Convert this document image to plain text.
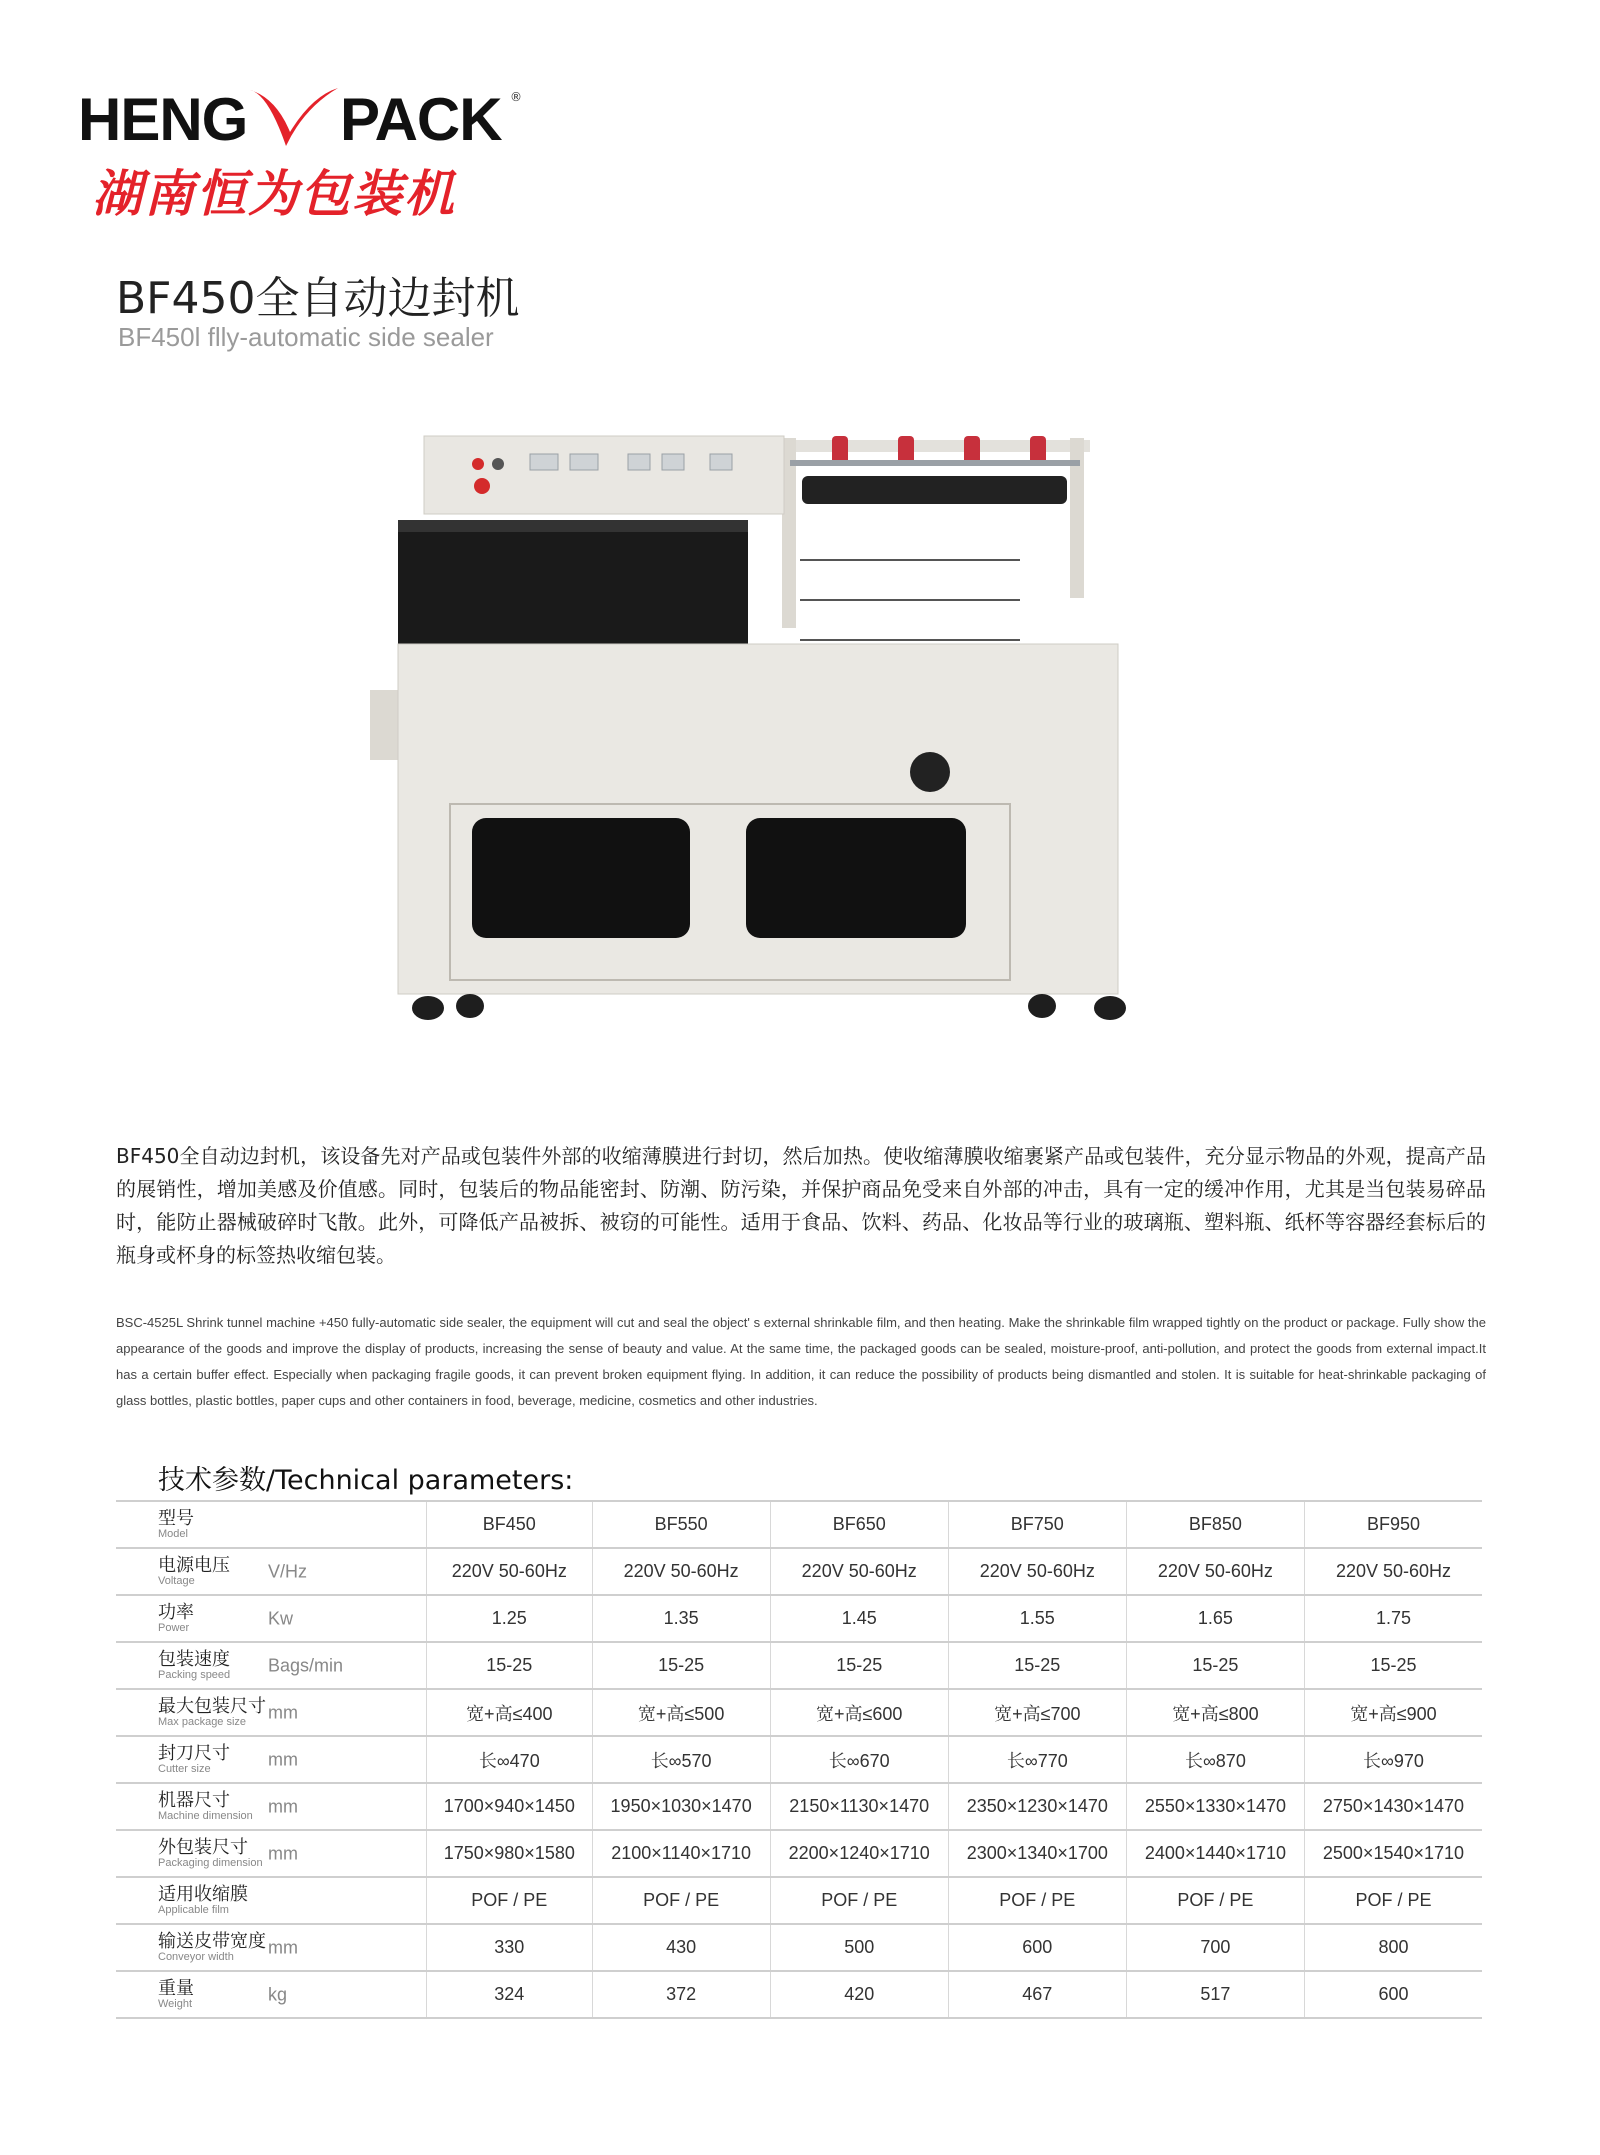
HENG PACK ®
湖南恒为包装机
BF450全自动边封机
BF450l flly-automatic side sealer
BF450全自动边封机，该设备先对产品或包装件外部的收缩薄膜进行封切，然后加热。使收缩薄膜收缩裹紧产品或包装件，充分显示物品的外观，提高产品的展销性，增加美感及价值感。同时，包装后的物品能密封、防潮、防污染，并保护商品免受来自外部的冲击，具有一定的缓冲作用，尤其是当包装易碎品时，能防止器械破碎时飞散。此外，可降低产品被拆、被窃的可能性。适用于食品、饮料、药品、化妆品等行业的玻璃瓶、塑料瓶、纸杯等容器经套标后的瓶身或杯身的标签热收缩包装。
BSC-4525L Shrink tunnel machine +450 fully-automatic side sealer, the equipment will cut and seal the object' s external shrinkable film, and then heating. Make the shrinkable film wrapped tightly on the product or package. Fully show the appearance of the goods and improve the display of products, increasing the sense of beauty and value. At the same time, the packaged goods can be sealed, moisture-proof, anti-pollution, and protect the goods from external impact.It has a certain buffer effect. Especially when packaging fragile goods, it can prevent broken equipment flying. In addition, it can reduce the possibility of products being dismantled and stolen. It is suitable for heat-shrinkable packaging of glass bottles, plastic bottles, paper cups and other containers in food, beverage, medicine, cosmetics and other industries.
技术参数/Technical parameters:
型号
Model	BF450	BF550	BF650	BF750	BF850	BF950

电源电压
Voltage V/Hz	220V 50-60Hz	220V 50-60Hz	220V 50-60Hz	220V 50-60Hz	220V 50-60Hz	220V 50-60Hz

功率
Power Kw	1.25	1.35	1.45	1.55	1.65	1.75

包装速度
Packing speed Bags/min	15-25	15-25	15-25	15-25	15-25	15-25

最大包装尺寸
Max package size mm	宽+高≤400	宽+高≤500	宽+高≤600	宽+高≤700	宽+高≤800	宽+高≤900

封刀尺寸
Cutter size mm	长∞470	长∞570	长∞670	长∞770	长∞870	长∞970

机器尺寸
Machine dimension mm	1700×940×1450	1950×1030×1470	2150×1130×1470	2350×1230×1470	2550×1330×1470	2750×1430×1470

外包装尺寸
Packaging dimension mm	1750×980×1580	2100×1140×1710	2200×1240×1710	2300×1340×1700	2400×1440×1710	2500×1540×1710

适用收缩膜
Applicable film	POF / PE	POF / PE	POF / PE	POF / PE	POF / PE	POF / PE

输送皮带宽度
Conveyor width mm	330	430	500	600	700	800

重量
Weight kg	324	372	420	467	517	600
